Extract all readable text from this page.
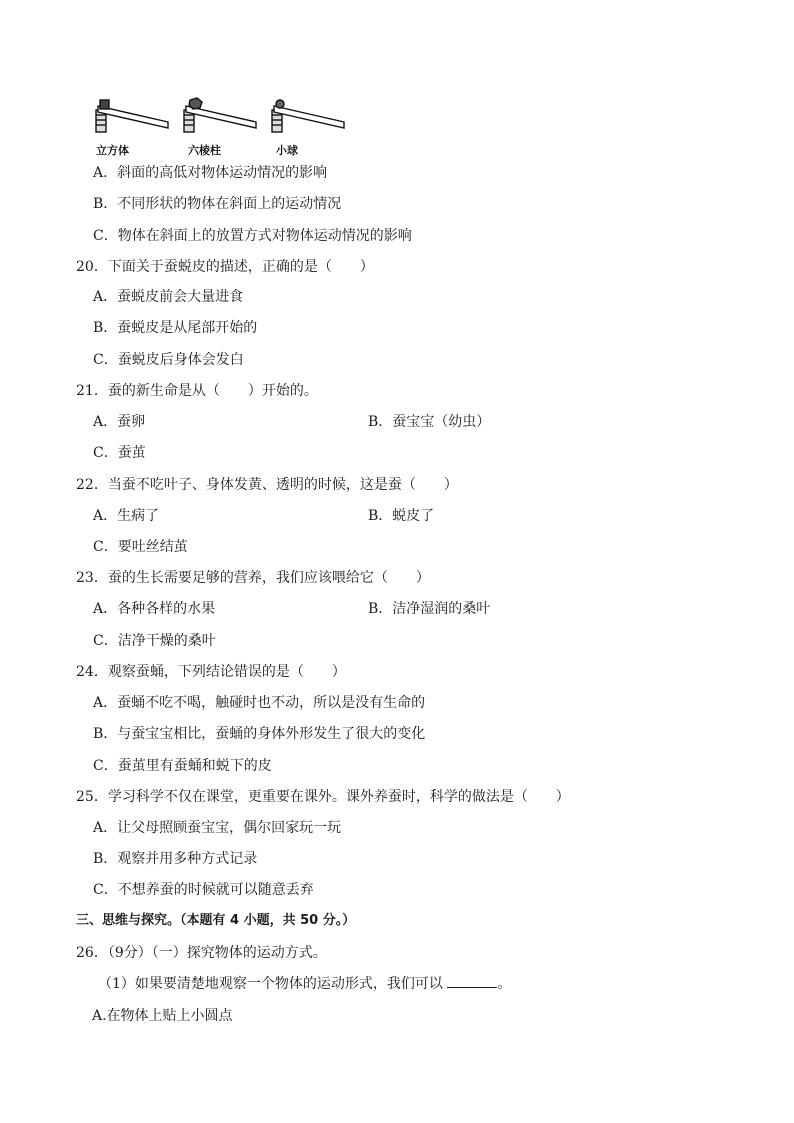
立方体	六棱柱	小球
A．斜面的高低对物体运动情况的影响
B．不同形状的物体在斜面上的运动情况
C．物体在斜面上的放置方式对物体运动情况的影响
20．下面关于蚕蜕皮的描述，正确的是（　　）
A．蚕蜕皮前会大量进食
B．蚕蜕皮是从尾部开始的
C．蚕蜕皮后身体会发白
21．蚕的新生命是从（　　）开始的。
A．蚕卵	B．蚕宝宝（幼虫）
C．蚕茧
22．当蚕不吃叶子、身体发黄、透明的时候，这是蚕（　　）
A．生病了	B．蜕皮了
C．要吐丝结茧
23．蚕的生长需要足够的营养，我们应该喂给它（　　）
A．各种各样的水果	B．洁净湿润的桑叶
C．洁净干燥的桑叶
24．观察蚕蛹，下列结论错误的是（　　）
A．蚕蛹不吃不喝，触碰时也不动，所以是没有生命的
B．与蚕宝宝相比，蚕蛹的身体外形发生了很大的变化
C．蚕茧里有蚕蛹和蜕下的皮
25．学习科学不仅在课堂，更重要在课外。课外养蚕时，科学的做法是（　　）
A．让父母照顾蚕宝宝，偶尔回家玩一玩
B．观察并用多种方式记录
C．不想养蚕的时候就可以随意丢弃
三、思维与探究。（本题有 4 小题，共 50 分。）
26．（9分）（一）探究物体的运动方式。
（1）如果要清楚地观察一个物体的运动形式，我们可以	。
A.在物体上贴上小圆点
